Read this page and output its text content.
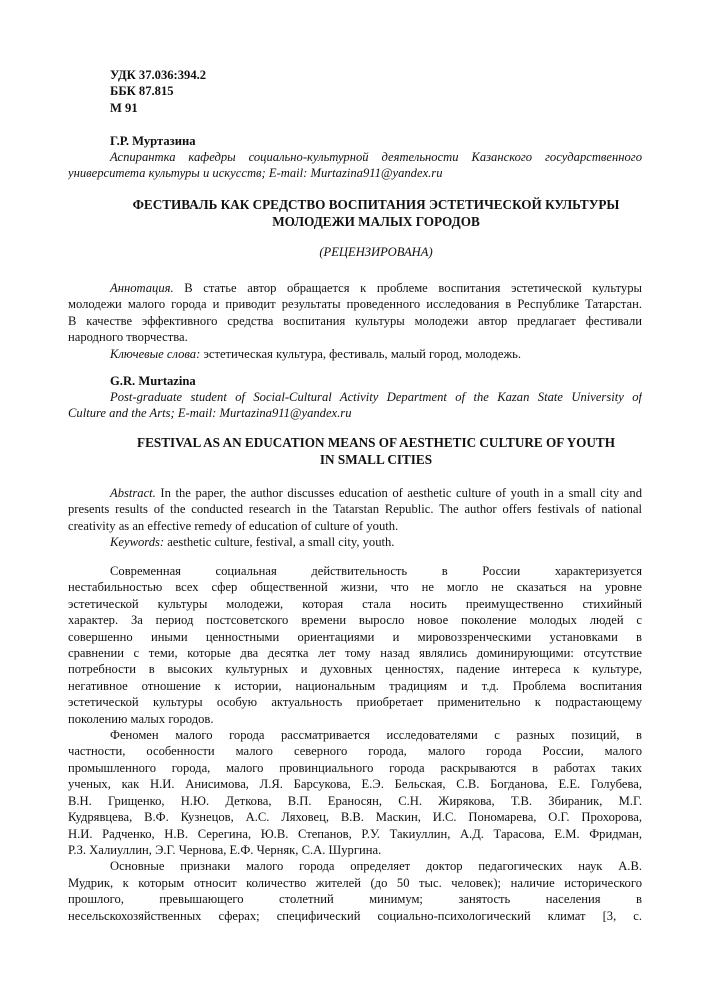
УДК 37.036:394.2
ББК 87.815
М 91
Г.Р. Муртазина
Аспирантка кафедры социально-культурной деятельности Казанского государственного
университета культуры и искусств; E-mail: Murtazina911@yandex.ru
ФЕСТИВАЛЬ КАК СРЕДСТВО ВОСПИТАНИЯ ЭСТЕТИЧЕСКОЙ КУЛЬТУРЫ
МОЛОДЕЖИ МАЛЫХ ГОРОДОВ
(РЕЦЕНЗИРОВАНА)
Аннотация. В статье автор обращается к проблеме воспитания эстетической культуры
молодежи малого города и приводит результаты проведенного исследования в Республике Татарстан.
В качестве эффективного средства воспитания культуры молодежи автор предлагает фестивали
народного творчества.
Ключевые слова: эстетическая культура, фестиваль, малый город, молодежь.
G.R. Murtazina
Post-graduate student of Social-Cultural Activity Department of the Kazan State University of
Culture and the Arts; E-mail: Murtazina911@yandex.ru
FESTIVAL AS AN EDUCATION MEANS OF AESTHETIC CULTURE OF YOUTH
IN SMALL CITIES
Abstract. In the paper, the author discusses education of aesthetic culture of youth in a small city and
presents results of the conducted research in the Tatarstan Republic. The author offers festivals of national
creativity as an effective remedy of education of culture of youth.
Keywords: aesthetic culture, festival, a small city, youth.
Современная социальная действительность в России характеризуется
нестабильностью всех сфер общественной жизни, что не могло не сказаться на уровне
эстетической культуры молодежи, которая стала носить преимущественно стихийный
характер. За период постсоветского времени выросло новое поколение молодых людей с
совершенно иными ценностными ориентациями и мировоззренческими установками в
сравнении с теми, которые два десятка лет тому назад являлись доминирующими: отсутствие
потребности в высоких культурных и духовных ценностях, падение интереса к культуре,
негативное отношение к истории, национальным традициям и т.д. Проблема воспитания
эстетической культуры особую актуальность приобретает применительно к подрастающему
поколению малых городов.
Феномен малого города рассматривается исследователями с разных позиций, в
частности, особенности малого северного города, малого города России, малого
промышленного города, малого провинциального города раскрываются в работах таких
ученых, как Н.И. Анисимова, Л.Я. Барсукова, Е.Э. Бельская, С.В. Богданова, Е.Е. Голубева,
В.Н. Грищенко, Н.Ю. Деткова, В.П. Ераносян, С.Н. Жирякова, Т.В. Збираник, М.Г.
Кудрявцева, В.Ф. Кузнецов, А.С. Ляховец, В.В. Маскин, И.С. Пономарева, О.Г. Прохорова,
Н.И. Радченко, Н.В. Серегина, Ю.В. Степанов, Р.У. Такиуллин, А.Д. Тарасова, Е.М. Фридман,
Р.З. Халиуллин, Э.Г. Чернова, Е.Ф. Черняк, С.А. Шургина.
Основные признаки малого города определяет доктор педагогических наук А.В.
Мудрик, к которым относит количество жителей (до 50 тыс. человек); наличие исторического
прошлого, превышающего столетний минимум; занятость населения в
несельскохозяйственных сферах; специфический социально-психологический климат [3, с.
